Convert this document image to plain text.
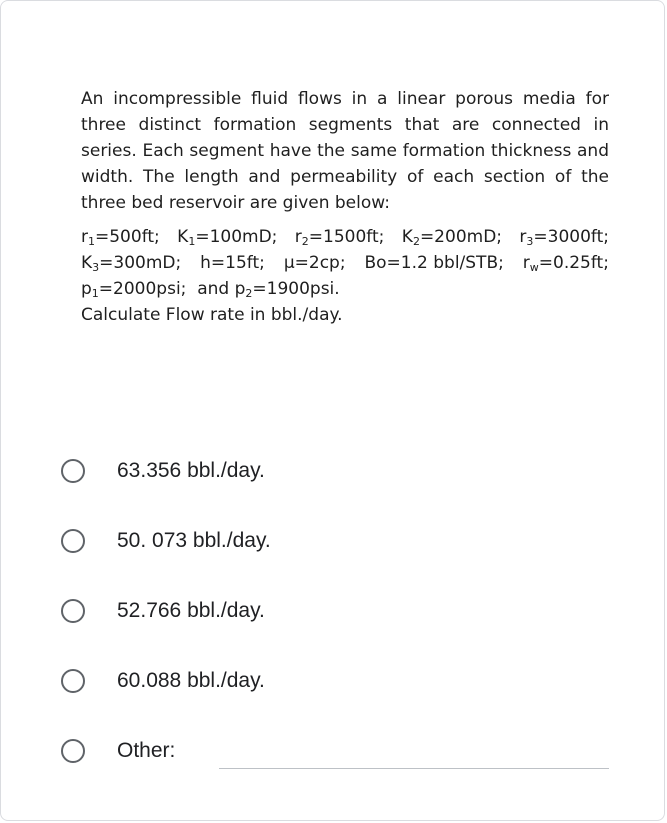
An incompressible fluid flows in a linear porous media for three distinct formation segments that are connected in series. Each segment have the same formation thickness and width. The length and permeability of each section of the three bed reservoir are given below:

$r_1=500ft$; $K_1=100mD$; $r_2=1500ft$; $K_2=200mD$; $r_3=3000ft$;
$K_3=300mD$; h=15ft; μ=2cp; Bo=1.2 bbl/STB; $r_w=0.25ft$;
$p_1=2000psi$; and $p_2=1900psi$.

Calculate Flow rate in bbl./day.

63.356 bbl./day.
50. 073 bbl./day.
52.766 bbl./day.
60.088 bbl./day.
Other:
